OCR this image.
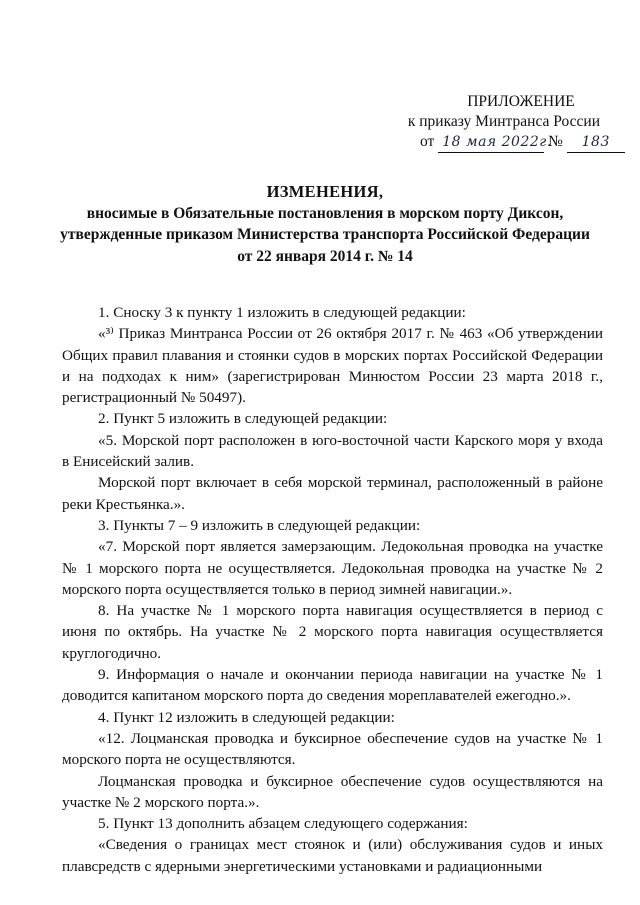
ПРИЛОЖЕНИЕ
к приказу Минтранса России
от 18 мая 2022г. № 183
ИЗМЕНЕНИЯ,
вносимые в Обязательные постановления в морском порту Диксон,
утвержденные приказом Министерства транспорта Российской Федерации
от 22 января 2014 г. № 14

1. Сноску 3 к пункту 1 изложить в следующей редакции:

«³⁾ Приказ Минтранса России от 26 октября 2017 г. № 463 «Об утверждении Общих правил плавания и стоянки судов в морских портах Российской Федерации и на подходах к ним» (зарегистрирован Минюстом России 23 марта 2018 г., регистрационный № 50497).

2. Пункт 5 изложить в следующей редакции:

«5. Морской порт расположен в юго-восточной части Карского моря у входа в Енисейский залив.

Морской порт включает в себя морской терминал, расположенный в районе реки Крестьянка.».

3. Пункты 7 – 9 изложить в следующей редакции:

«7. Морской порт является замерзающим. Ледокольная проводка на участке № 1 морского порта не осуществляется. Ледокольная проводка на участке № 2 морского порта осуществляется только в период зимней навигации.».

8. На участке № 1 морского порта навигация осуществляется в период с июня по октябрь. На участке № 2 морского порта навигация осуществляется круглогодично.

9. Информация о начале и окончании периода навигации на участке № 1 доводится капитаном морского порта до сведения мореплавателей ежегодно.».

4. Пункт 12 изложить в следующей редакции:

«12. Лоцманская проводка и буксирное обеспечение судов на участке № 1 морского порта не осуществляются.

Лоцманская проводка и буксирное обеспечение судов осуществляются на участке № 2 морского порта.».

5. Пункт 13 дополнить абзацем следующего содержания:

«Сведения о границах мест стоянок и (или) обслуживания судов и иных плавсредств с ядерными энергетическими установками и радиационными
